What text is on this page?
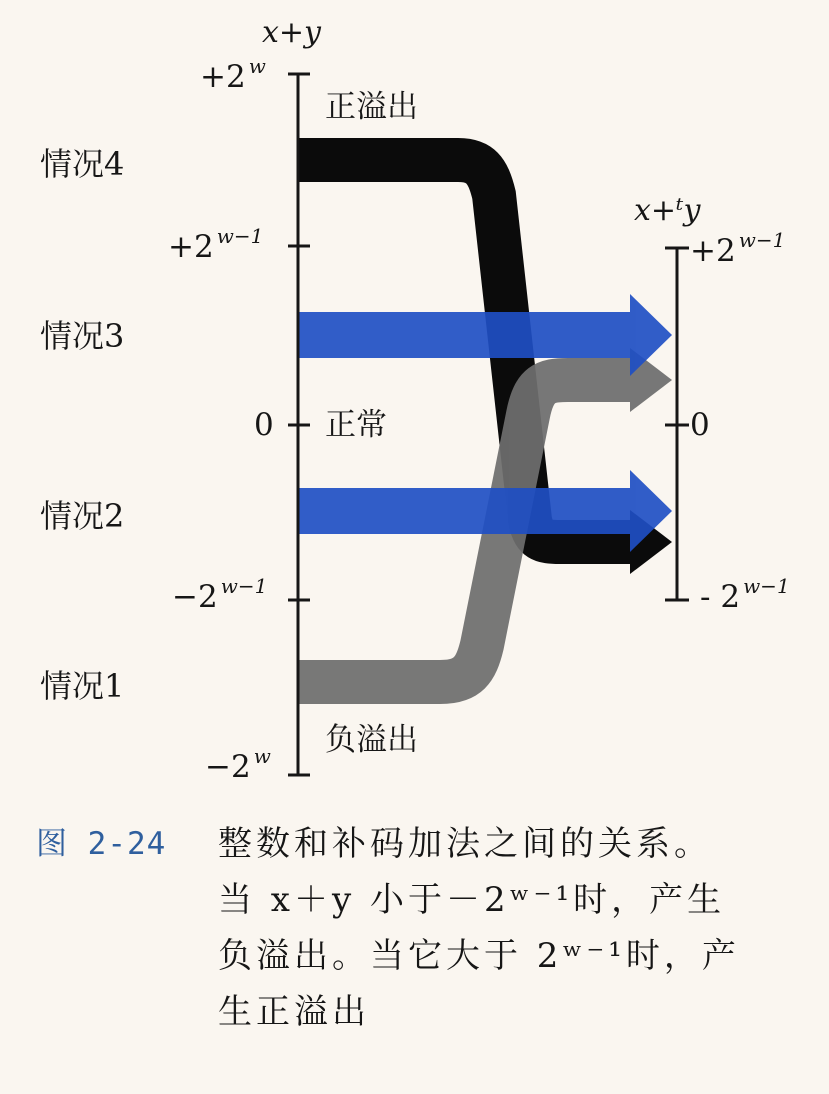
x+y
x+ᵗy
+2 $^w$
+2 $^{w-1}$
0
−2 $^{w-1}$
−2 $^w$
+2 $^{w-1}$
0
- 2 $^{w-1}$
正溢出
正常
负溢出
情况4
情况3
情况2
情况1
图 2-24 整数和补码加法之间的关系。
当 x＋y 小于－2ʷ⁻¹时，产生
负溢出。当它大于 2ʷ⁻¹时，产
生正溢出
